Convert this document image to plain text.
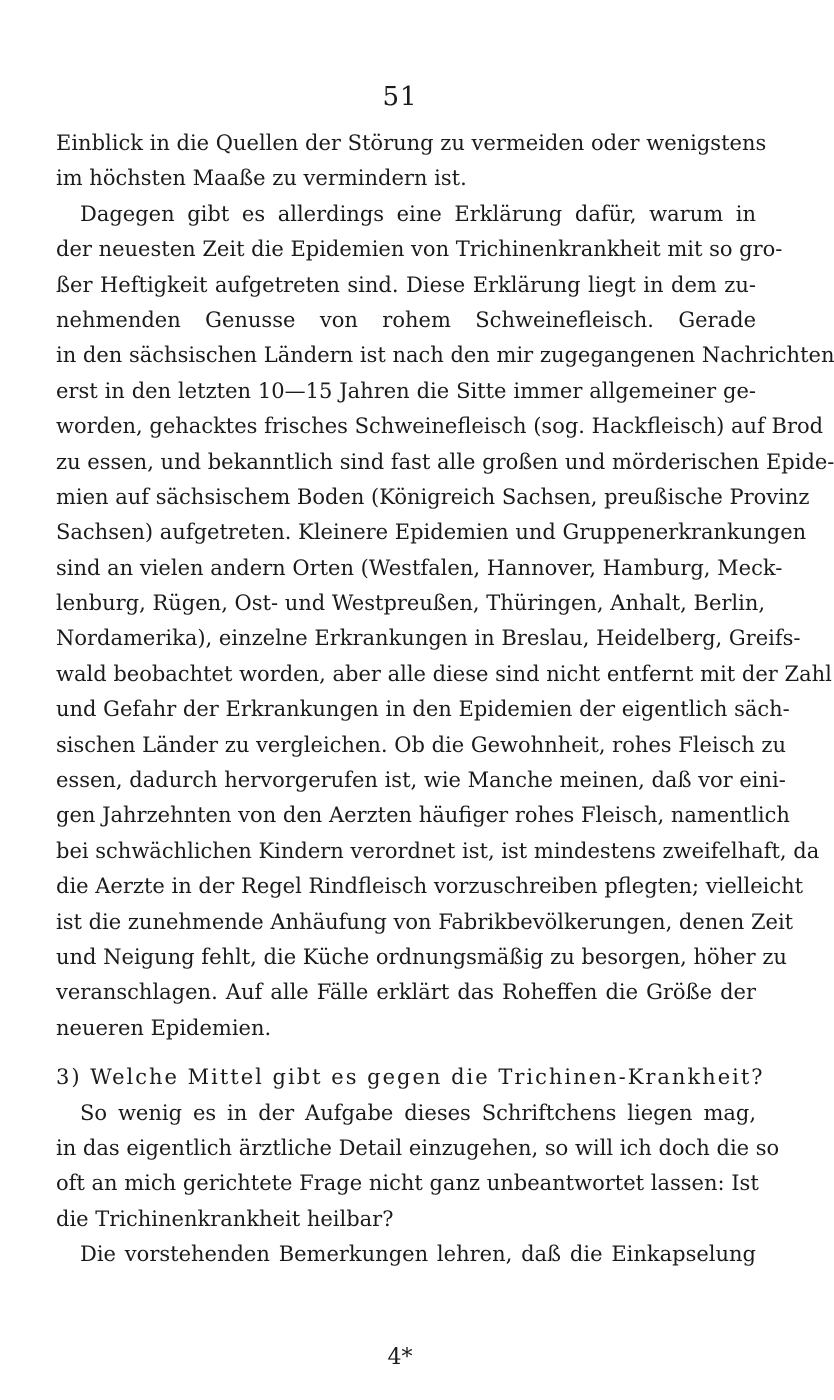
51
Einblick in die Quellen der Störung zu vermeiden oder wenigstens
im höchsten Maaße zu vermindern ist.
Dagegen gibt es allerdings eine Erklärung dafür, warum in
der neuesten Zeit die Epidemien von Trichinenkrankheit mit so gro-
ßer Heftigkeit aufgetreten sind. Diese Erklärung liegt in dem zu-
nehmenden Genusse von rohem Schweinefleisch. Gerade
in den sächsischen Ländern ist nach den mir zugegangenen Nachrichten
erst in den letzten 10—15 Jahren die Sitte immer allgemeiner ge-
worden, gehacktes frisches Schweinefleisch (sog. Hackfleisch) auf Brod
zu essen, und bekanntlich sind fast alle großen und mörderischen Epide-
mien auf sächsischem Boden (Königreich Sachsen, preußische Provinz
Sachsen) aufgetreten. Kleinere Epidemien und Gruppenerkrankungen
sind an vielen andern Orten (Westfalen, Hannover, Hamburg, Meck-
lenburg, Rügen, Ost- und Westpreußen, Thüringen, Anhalt, Berlin,
Nordamerika), einzelne Erkrankungen in Breslau, Heidelberg, Greifs-
wald beobachtet worden, aber alle diese sind nicht entfernt mit der Zahl
und Gefahr der Erkrankungen in den Epidemien der eigentlich säch-
sischen Länder zu vergleichen. Ob die Gewohnheit, rohes Fleisch zu
essen, dadurch hervorgerufen ist, wie Manche meinen, daß vor eini-
gen Jahrzehnten von den Aerzten häufiger rohes Fleisch, namentlich
bei schwächlichen Kindern verordnet ist, ist mindestens zweifelhaft, da
die Aerzte in der Regel Rindfleisch vorzuschreiben pflegten; vielleicht
ist die zunehmende Anhäufung von Fabrikbevölkerungen, denen Zeit
und Neigung fehlt, die Küche ordnungsmäßig zu besorgen, höher zu
veranschlagen. Auf alle Fälle erklärt das Roheffen die Größe der
neueren Epidemien.
3) Welche Mittel gibt es gegen die Trichinen-Krankheit?
So wenig es in der Aufgabe dieses Schriftchens liegen mag,
in das eigentlich ärztliche Detail einzugehen, so will ich doch die so
oft an mich gerichtete Frage nicht ganz unbeantwortet lassen: Ist
die Trichinenkrankheit heilbar?
Die vorstehenden Bemerkungen lehren, daß die Einkapselung
4*
